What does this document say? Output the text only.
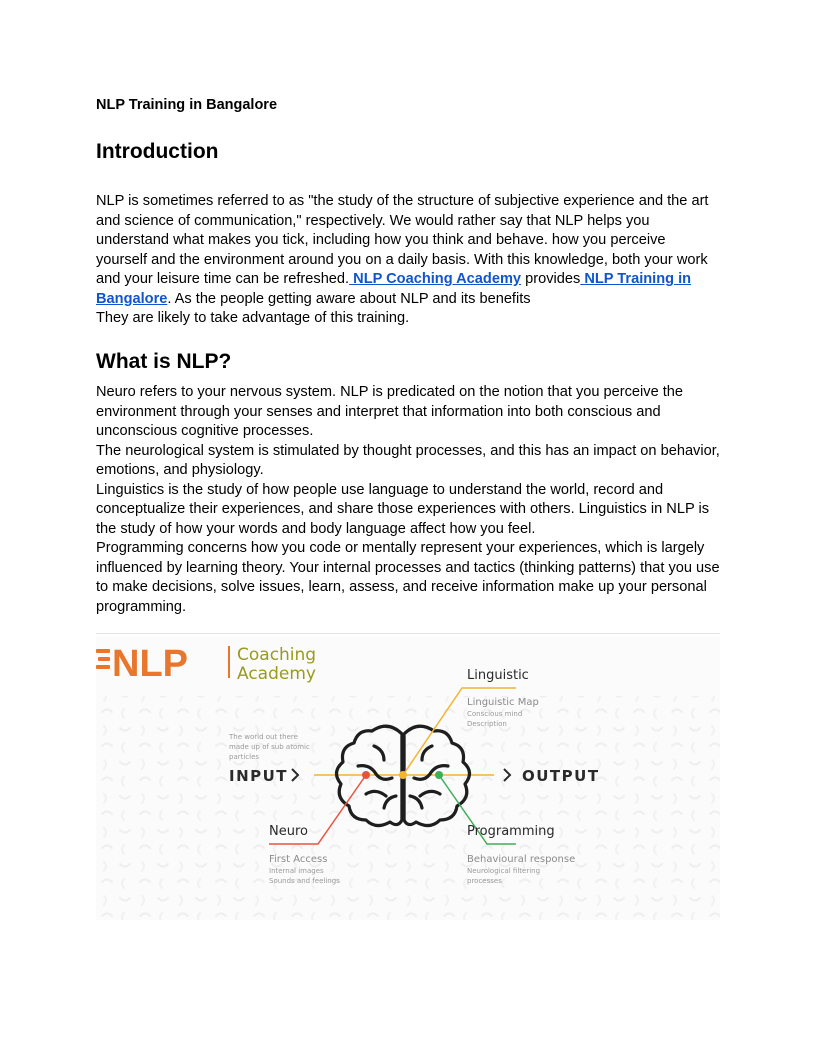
NLP Training in Bangalore
Introduction

NLP is sometimes referred to as "the study of the structure of subjective experience and the art and science of communication," respectively. We would rather say that NLP helps you understand what makes you tick, including how you think and behave. how you perceive yourself and the environment around you on a daily basis. With this knowledge, both your work and your leisure time can be refreshed. NLP Coaching Academy provides NLP Training in Bangalore. As the people getting aware about NLP and its benefits

They are likely to take advantage of this training.

What is NLP?

Neuro refers to your nervous system. NLP is predicated on the notion that you perceive the environment through your senses and interpret that information into both conscious and unconscious cognitive processes.

The neurological system is stimulated by thought processes, and this has an impact on behavior, emotions, and physiology.

Linguistics is the study of how people use language to understand the world, record and conceptualize their experiences, and share those experiences with others. Linguistics in NLP is the study of how your words and body language affect how you feel.

Programming concerns how you code or mentally represent your experiences, which is largely influenced by learning theory. Your internal processes and tactics (thinking patterns) that you use to make decisions, solve issues, learn, assess, and receive information make up your personal programming.

NLP	Coaching
Academy
The world out there
made up of sub atomic
particles
INPUT	OUTPUT
Linguistic
Linguistic Map
Conscious mind
Description
Neuro
First Access
Internal images
Sounds and feelings
Programming
Behavioural response
Neurological filtering
processes
